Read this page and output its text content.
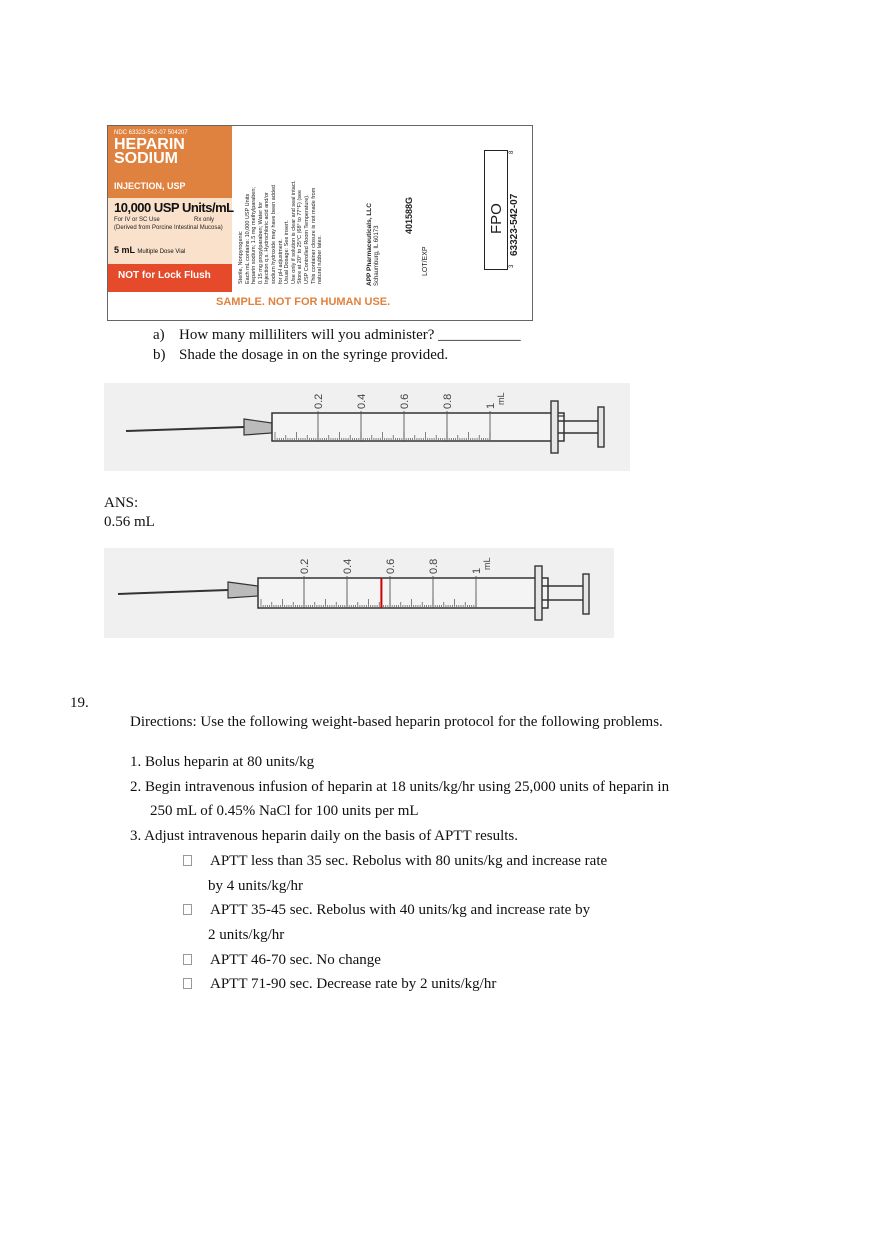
NDC 63323-542-07 504207
HEPARIN
SODIUM
INJECTION, USP
10,000 USP Units/mL
For IV or SC Use	Rx only
(Derived from Porcine Intestinal Mucosa)
5 mL Multiple Dose Vial
NOT for Lock Flush	Sterile, Nonpyrogenic Each mL contains: 10,000 USP Units heparin sodium; 1.5 mg methylparaben; 0.15 mg propylparaben; Water for Injection q.s. Hydrochloric acid and/or sodium hydroxide may have been added for pH adjustment. Usual Dosage: See insert. Use only if solution is clear and seal intact. Store at 20° to 25°C (68° to 77°F) (see USP Controlled Room Temperature). This container closure is not made from natural rubber latex.	APP Pharmaceuticals, LLC Schaumburg, IL 60173
401588G
LOT/EXP
FPO 63323-542-07
3
8
SAMPLE. NOT FOR HUMAN USE.
a) How many milliliters will you administer? ___________
b) Shade the dosage in on the syringe provided.
0.2	0.4	0.6	0.8	1
mL
ANS:
0.56 mL
0.2	0.4	0.6	0.8	1
mL
19.
Directions: Use the following weight-based heparin protocol for the following problems.
1. Bolus heparin at 80 units/kg
2. Begin intravenous infusion of heparin at 18 units/kg/hr using 25,000 units of heparin in
250 mL of 0.45% NaCl for 100 units per mL
3. Adjust intravenous heparin daily on the basis of APTT results.
APTT less than 35 sec. Rebolus with 80 units/kg and increase rate
by 4 units/kg/hr
APTT 35-45 sec. Rebolus with 40 units/kg and increase rate by
2 units/kg/hr
APTT 46-70 sec. No change
APTT 71-90 sec. Decrease rate by 2 units/kg/hr
